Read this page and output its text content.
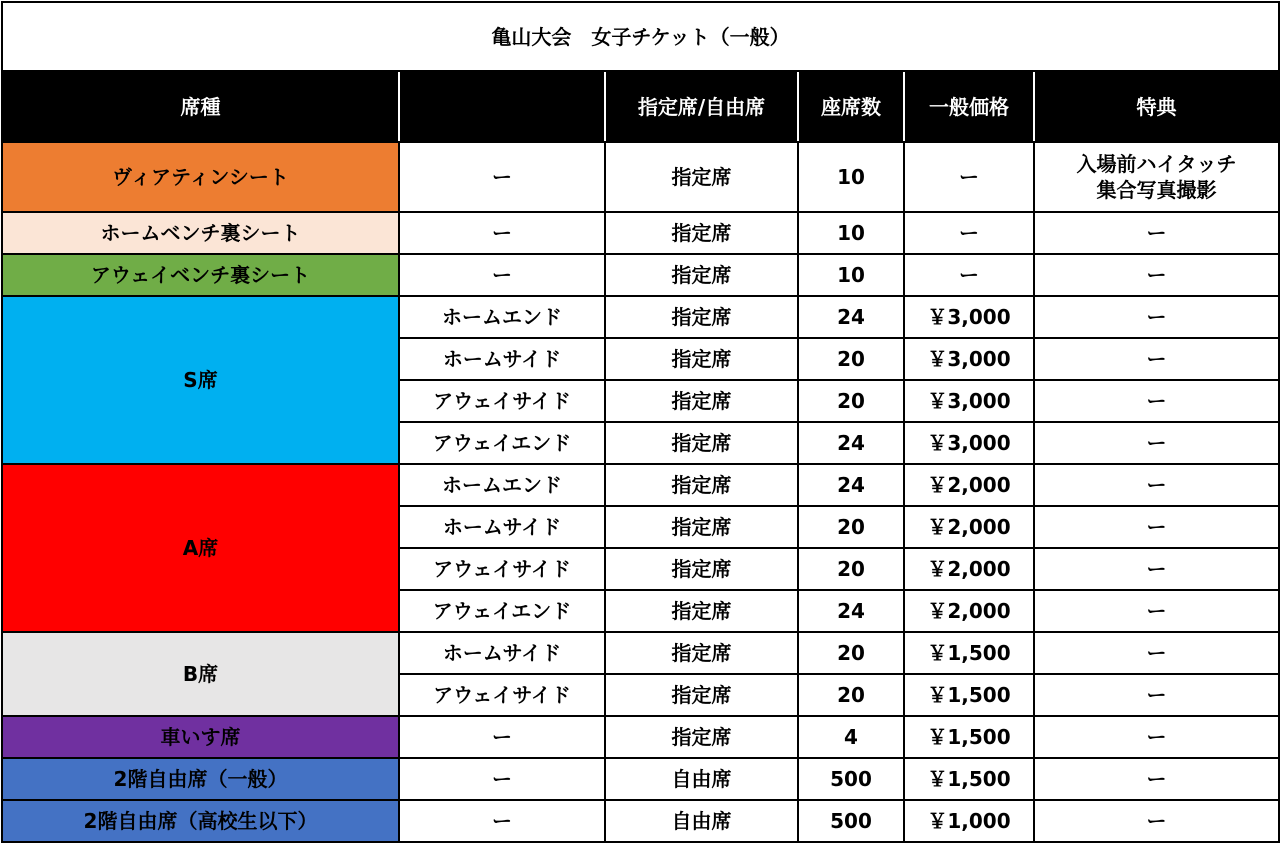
亀山大会　女子チケット（一般）					
席種		指定席/自由席	座席数	一般価格	特典
ヴィアティンシート	ー	指定席	10	ー	入場前ハイタッチ
集合写真撮影
ホームベンチ裏シート	ー	指定席	10	ー	ー
アウェイベンチ裏シート	ー	指定席	10	ー	ー
S席	ホームエンド	指定席	24	￥3,000	ー
	ホームサイド	指定席	20	￥3,000	ー
	アウェイサイド	指定席	20	￥3,000	ー
	アウェイエンド	指定席	24	￥3,000	ー
A席	ホームエンド	指定席	24	￥2,000	ー
	ホームサイド	指定席	20	￥2,000	ー
	アウェイサイド	指定席	20	￥2,000	ー
	アウェイエンド	指定席	24	￥2,000	ー
B席	ホームサイド	指定席	20	￥1,500	ー
	アウェイサイド	指定席	20	￥1,500	ー
車いす席	ー	指定席	4	￥1,500	ー
2階自由席（一般）	ー	自由席	500	￥1,500	ー
2階自由席（高校生以下）	ー	自由席	500	￥1,000	ー
